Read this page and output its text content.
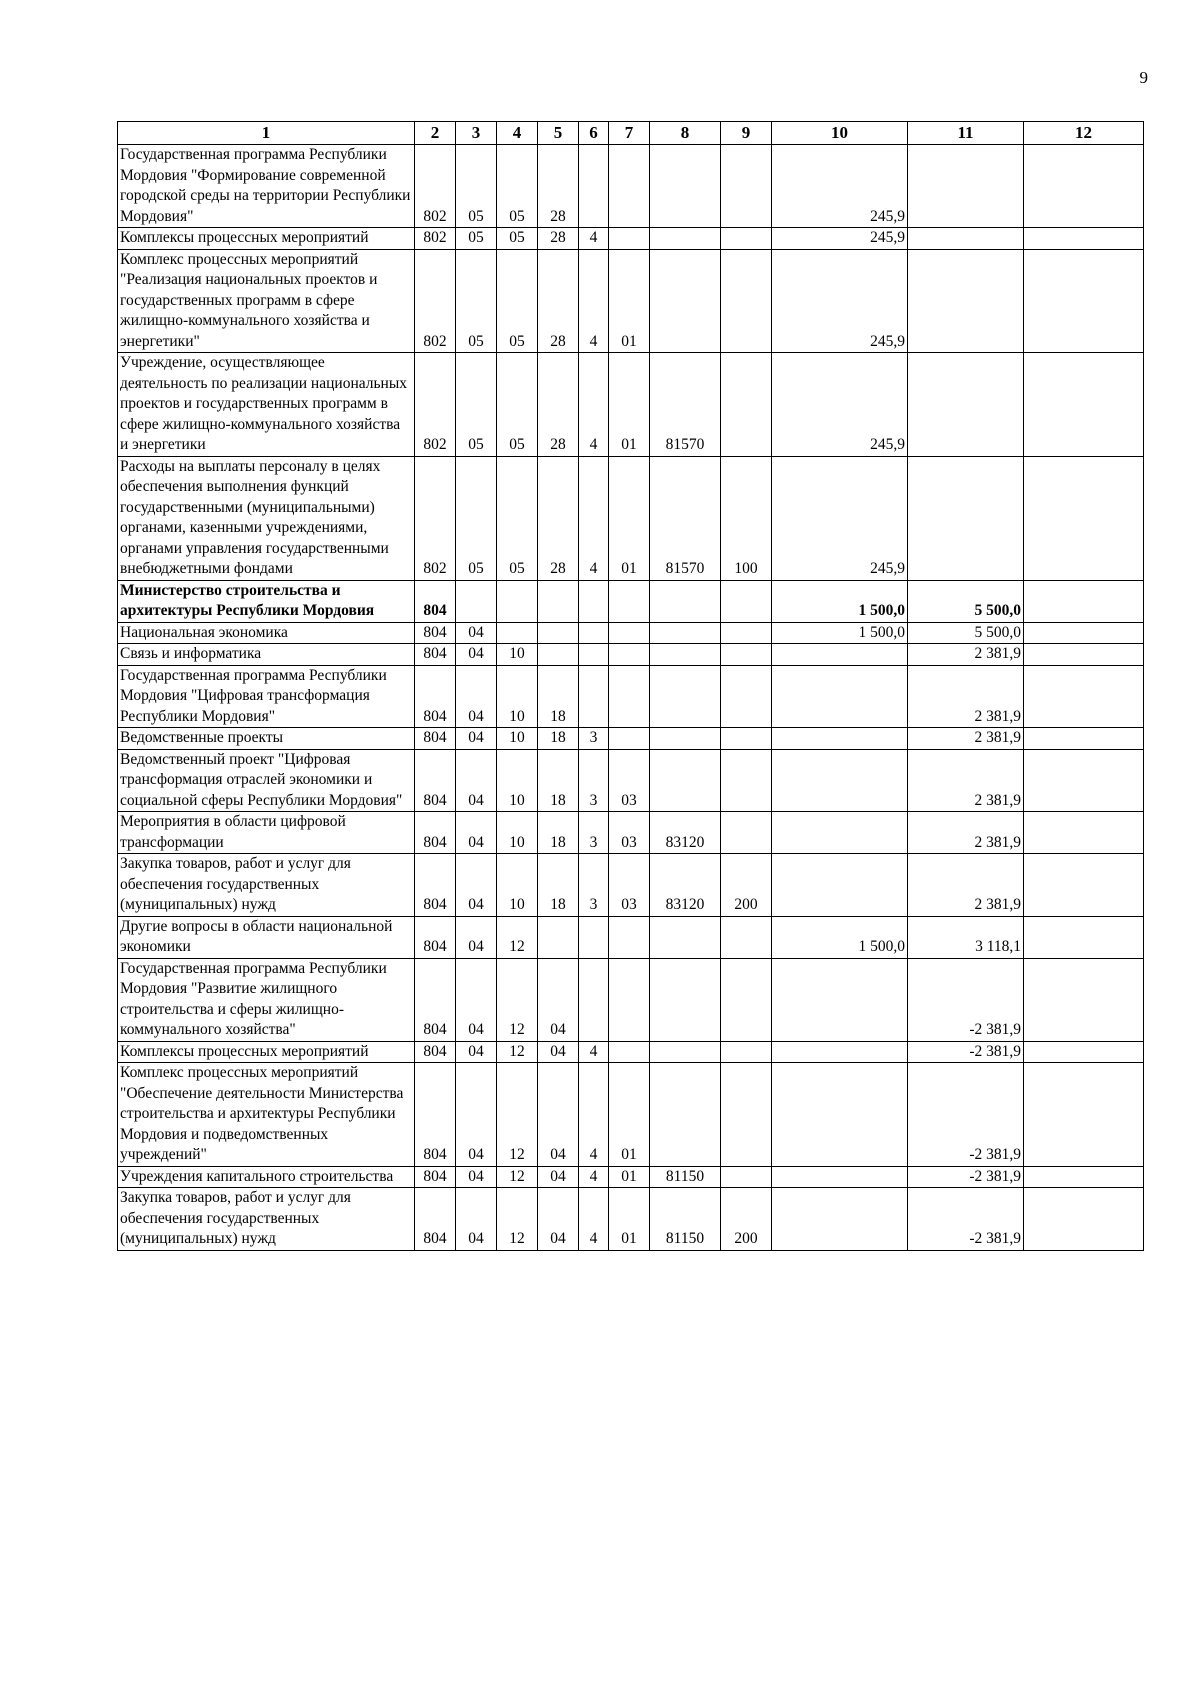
9
1	2	3	4	5	6	7	8	9	10	11	12
Государственная программа Республики Мордовия "Формирование современной городской среды на территории Республики Мордовия"	802	05	05	28					245,9		
Комплексы процессных мероприятий	802	05	05	28	4				245,9		
Комплекс процессных мероприятий "Реализация национальных проектов и государственных программ в сфере жилищно-коммунального хозяйства и энергетики"	802	05	05	28	4	01			245,9		
Учреждение, осуществляющее деятельность по реализации национальных проектов и государственных программ в сфере жилищно-коммунального хозяйства и энергетики	802	05	05	28	4	01	81570		245,9		
Расходы на выплаты персоналу в целях обеспечения выполнения функций государственными (муниципальными) органами, казенными учреждениями, органами управления государственными внебюджетными фондами	802	05	05	28	4	01	81570	100	245,9		
Министерство строительства и архитектуры Республики Мордовия	804								1 500,0	5 500,0	
Национальная экономика	804	04							1 500,0	5 500,0	
Связь и информатика	804	04	10							2 381,9	
Государственная программа Республики Мордовия "Цифровая трансформация Республики Мордовия"	804	04	10	18						2 381,9	
Ведомственные проекты	804	04	10	18	3					2 381,9	
Ведомственный проект "Цифровая трансформация отраслей экономики и социальной сферы Республики Мордовия"	804	04	10	18	3	03				2 381,9	
Мероприятия в области цифровой трансформации	804	04	10	18	3	03	83120			2 381,9	
Закупка товаров, работ и услуг для обеспечения государственных (муниципальных) нужд	804	04	10	18	3	03	83120	200		2 381,9	
Другие вопросы в области национальной экономики	804	04	12						1 500,0	3 118,1	
Государственная программа Республики Мордовия "Развитие жилищного строительства и сферы жилищно-коммунального хозяйства"	804	04	12	04						-2 381,9	
Комплексы процессных мероприятий	804	04	12	04	4					-2 381,9	
Комплекс процессных мероприятий "Обеспечение деятельности Министерства строительства и архитектуры Республики Мордовия и подведомственных учреждений"	804	04	12	04	4	01				-2 381,9	
Учреждения капитального строительства	804	04	12	04	4	01	81150			-2 381,9	
Закупка товаров, работ и услуг для обеспечения государственных (муниципальных) нужд	804	04	12	04	4	01	81150	200		-2 381,9	
